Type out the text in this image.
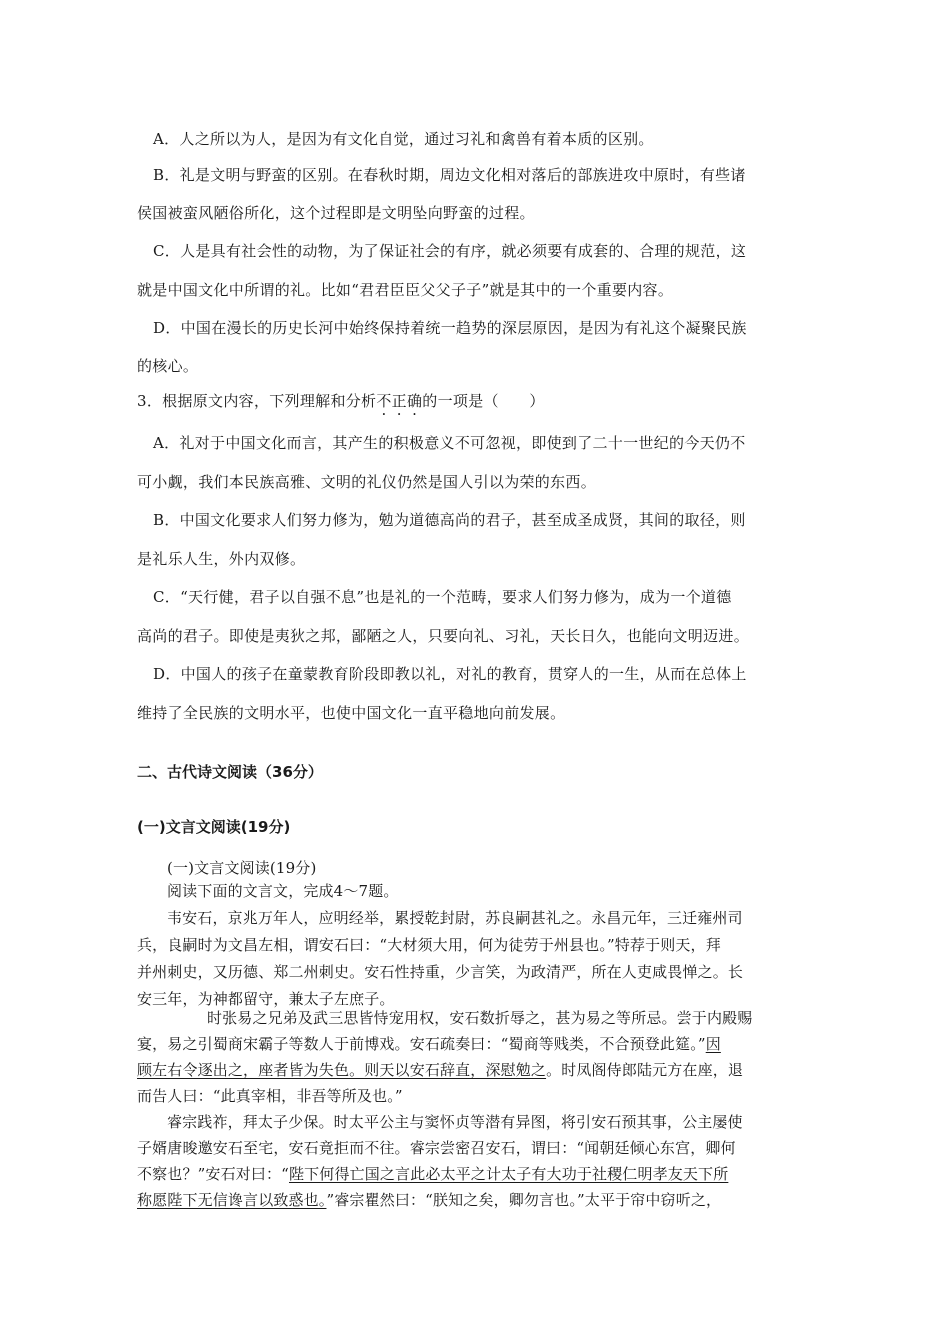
A．人之所以为人，是因为有文化自觉，通过习礼和禽兽有着本质的区别。
B．礼是文明与野蛮的区别。在春秋时期，周边文化相对落后的部族进攻中原时，有些诸
侯国被蛮风陋俗所化，这个过程即是文明坠向野蛮的过程。
C．人是具有社会性的动物，为了保证社会的有序，就必须要有成套的、合理的规范，这
就是中国文化中所谓的礼。比如“君君臣臣父父子子”就是其中的一个重要内容。
D．中国在漫长的历史长河中始终保持着统一趋势的深层原因，是因为有礼这个凝聚民族
的核心。
3．根据原文内容，下列理解和分析不正确的一项是（　　）
A．礼对于中国文化而言，其产生的积极意义不可忽视，即使到了二十一世纪的今天仍不
可小觑，我们本民族高雅、文明的礼仪仍然是国人引以为荣的东西。
B．中国文化要求人们努力修为，勉为道德高尚的君子，甚至成圣成贤，其间的取径，则
是礼乐人生，外内双修。
C．“天行健，君子以自强不息”也是礼的一个范畴，要求人们努力修为，成为一个道德
高尚的君子。即使是夷狄之邦，鄙陋之人，只要向礼、习礼，天长日久，也能向文明迈进。
D．中国人的孩子在童蒙教育阶段即教以礼，对礼的教育，贯穿人的一生，从而在总体上
维持了全民族的文明水平，也使中国文化一直平稳地向前发展。
二、古代诗文阅读（36分）
(一)文言文阅读(19分)
(一)文言文阅读(19分)
阅读下面的文言文，完成4～7题。
韦安石，京兆万年人，应明经举，累授乾封尉，苏良嗣甚礼之。永昌元年，三迁雍州司
兵，良嗣时为文昌左相，谓安石曰：“大材须大用，何为徒劳于州县也。”特荐于则天，拜
并州刺史，又历德、郑二州刺史。安石性持重，少言笑，为政清严，所在人吏咸畏惮之。长
安三年，为神都留守，兼太子左庶子。
时张易之兄弟及武三思皆恃宠用权，安石数折辱之，甚为易之等所忌。尝于内殿赐
宴，易之引蜀商宋霸子等数人于前博戏。安石疏奏曰：“蜀商等贱类，不合预登此筵。”因
顾左右令逐出之，座者皆为失色。则天以安石辞直，深慰勉之。时凤阁侍郎陆元方在座，退
而告人曰：“此真宰相，非吾等所及也。”
睿宗践祚，拜太子少保。时太平公主与窦怀贞等潜有异图，将引安石预其事，公主屡使
子婿唐晙邀安石至宅，安石竟拒而不往。睿宗尝密召安石，谓曰：“闻朝廷倾心东宫，卿何
不察也？”安石对曰：“陛下何得亡国之言此必太平之计太子有大功于社稷仁明孝友天下所
称愿陛下无信谗言以致惑也。”睿宗瞿然曰：“朕知之矣，卿勿言也。”太平于帘中窃听之，
